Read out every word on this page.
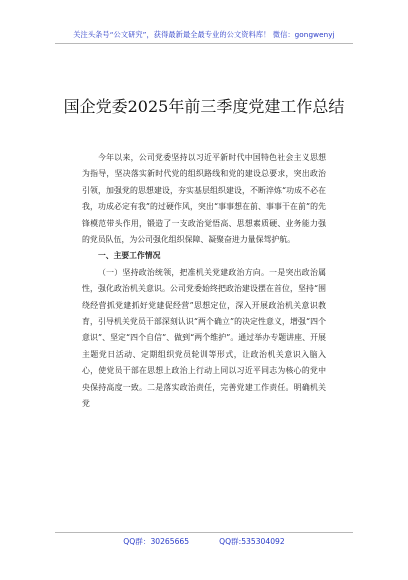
关注头条号“公文研究”，获得最新最全最专业的公文资料库！ 微信：gongwenyj
国企党委2025年前三季度党建工作总结

今年以来，公司党委坚持以习近平新时代中国特色社会主义思想为指导，坚决落实新时代党的组织路线和党的建设总要求，突出政治引领，加强党的思想建设，夯实基层组织建设，不断淬炼“功成不必在我，功成必定有我”的过硬作风，突出“事事想在前、事事干在前”的先锋模范带头作用，锻造了一支政治觉悟高、思想素质硬、业务能力强的党员队伍，为公司强化组织保障、凝聚奋进力量保驾护航。

一、主要工作情况

（一）坚持政治统领，把准机关党建政治方向。一是突出政治属性，强化政治机关意识。公司党委始终把政治建设摆在首位，坚持“围绕经营抓党建抓好党建促经营”思想定位，深入开展政治机关意识教育，引导机关党员干部深刻认识“两个确立”的决定性意义，增强“四个意识”、坚定“四个自信”、做到“两个维护”。通过举办专题讲座、开展主题党日活动、定期组织党员轮训等形式，让政治机关意识入脑入心，使党员干部在思想上政治上行动上同以习近平同志为核心的党中央保持高度一致。二是落实政治责任，完善党建工作责任。明确机关党

QQ群：30265665	QQ群:535304092
